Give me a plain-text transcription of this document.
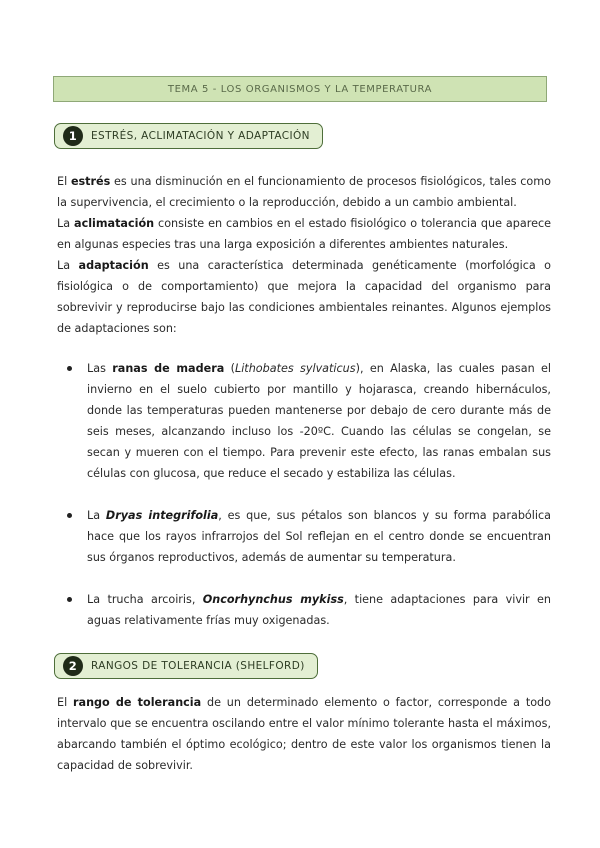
TEMA 5 - LOS ORGANISMOS Y LA TEMPERATURA
1	ESTRÉS, ACLIMATACIÓN Y ADAPTACIÓN

El estrés es una disminución en el funcionamiento de procesos fisiológicos, tales como la supervivencia, el crecimiento o la reproducción, debido a un cambio ambiental.

La aclimatación consiste en cambios en el estado fisiológico o tolerancia que aparece en algunas especies tras una larga exposición a diferentes ambientes naturales.

La adaptación es una característica determinada genéticamente (morfológica o fisiológica o de comportamiento) que mejora la capacidad del organismo para sobrevivir y reproducirse bajo las condiciones ambientales reinantes. Algunos ejemplos de adaptaciones son:

Las ranas de madera (Lithobates sylvaticus), en Alaska, las cuales pasan el invierno en el suelo cubierto por mantillo y hojarasca, creando hibernáculos, donde las temperaturas pueden mantenerse por debajo de cero durante más de seis meses, alcanzando incluso los -20ºC. Cuando las células se congelan, se secan y mueren con el tiempo. Para prevenir este efecto, las ranas embalan sus células con glucosa, que reduce el secado y estabiliza las células.

La Dryas integrifolia, es que, sus pétalos son blancos y su forma parabólica hace que los rayos infrarrojos del Sol reflejan en el centro donde se encuentran sus órganos reproductivos, además de aumentar su temperatura.

La trucha arcoiris, Oncorhynchus mykiss, tiene adaptaciones para vivir en aguas relativamente frías muy oxigenadas.

2	RANGOS DE TOLERANCIA (SHELFORD)

El rango de tolerancia de un determinado elemento o factor, corresponde a todo intervalo que se encuentra oscilando entre el valor mínimo tolerante hasta el máximos, abarcando también el óptimo ecológico; dentro de este valor los organismos tienen la capacidad de sobrevivir.
